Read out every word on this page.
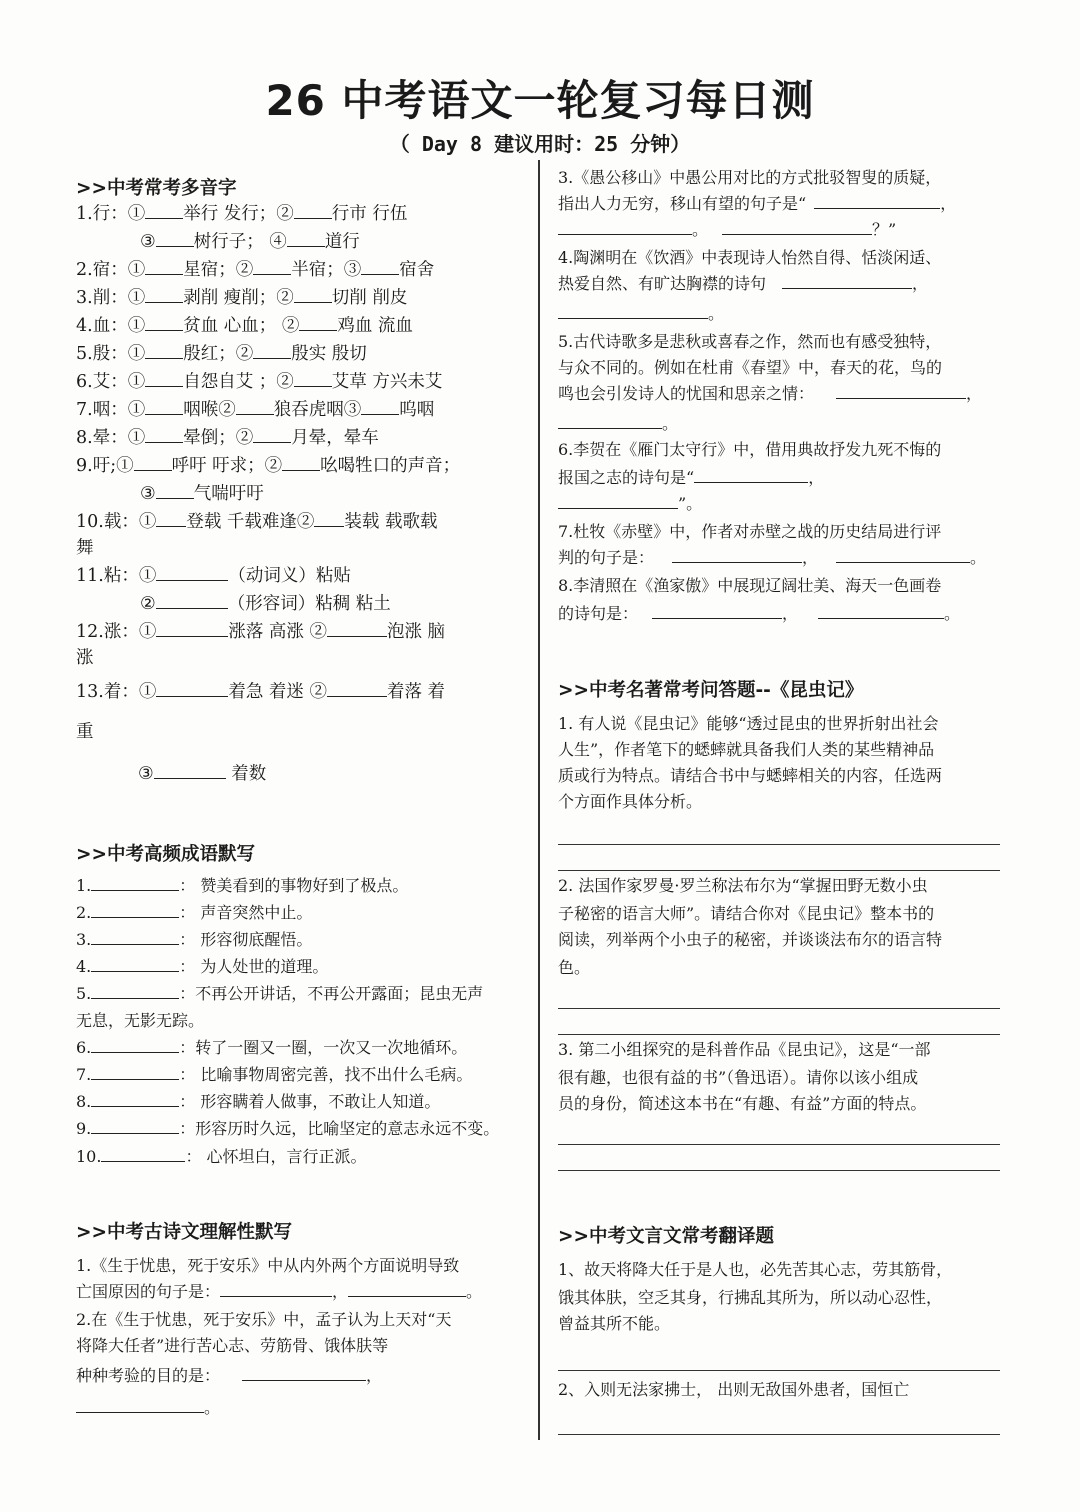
26 中考语文一轮复习每日测
（ Day 8 建议用时：25 分钟）
>>中考常考多音字
1.行：① 举行 发行；② 行市 行伍
③ 树行子； ④ 道行
2.宿：① 星宿；② 半宿；③ 宿舍
3.削：① 剥削 瘦削；② 切削 削皮
4.血：① 贫血 心血； ② 鸡血 流血
5.殷：① 殷红；② 殷实 殷切
6.艾：① 自怨自艾 ；② 艾草 方兴未艾
7.咽：① 咽喉② 狼吞虎咽③ 呜咽
8.晕：① 晕倒；② 月晕，晕车
9.吁;① 呼吁 吁求；② 吆喝牲口的声音；
③ 气喘吁吁
10.载：① 登载 千载难逢② 装载 载歌载
舞
11.粘：①	（动词义）粘贴
②	（形容词）粘稠 粘土
12.涨：①	涨落 高涨 ②	泡涨 脑
涨
13.着：①	着急 着迷 ②	着落 着
重
③	着数
>>中考高频成语默写
1.	： 赞美看到的事物好到了极点。
2.	： 声音突然中止。
3.	： 形容彻底醒悟。
4.	： 为人处世的道理。
5.	：不再公开讲话，不再公开露面；昆虫无声
无息，无影无踪。
6.	：转了一圈又一圈，一次又一次地循环。
7.	： 比喻事物周密完善，找不出什么毛病。
8.	： 形容瞒着人做事，不敢让人知道。
9.	：形容历时久远，比喻坚定的意志永远不变。
10.	： 心怀坦白，言行正派。
>>中考古诗文理解性默写
1.《生于忧患，死于安乐》中从内外两个方面说明导致
亡国原因的句子是：	，	。
2.在《生于忧患，死于安乐》中，孟子认为上天对“天
将降大任者”进行苦心志、劳筋骨、饿体肤等
种种考验的目的是：	，
。
3.《愚公移山》中愚公用对比的方式批驳智叟的质疑，
指出人力无穷，移山有望的句子是“	，
。	？”
4.陶渊明在《饮酒》中表现诗人怡然自得、恬淡闲适、
热爱自然、有旷达胸襟的诗句	，
。
5.古代诗歌多是悲秋或喜春之作，然而也有感受独特，
与众不同的。例如在杜甫《春望》中，春天的花，鸟的
鸣也会引发诗人的忧国和思亲之情：	，
。
6.李贺在《雁门太守行》中，借用典故抒发九死不悔的
报国之志的诗句是“	，
”。
7.杜牧《赤壁》中，作者对赤壁之战的历史结局进行评
判的句子是：	，	。
8.李清照在《渔家傲》中展现辽阔壮美、海天一色画卷
的诗句是：	，	。
>>中考名著常考问答题--《昆虫记》
1. 有人说《昆虫记》能够“透过昆虫的世界折射出社会
人生”，作者笔下的蟋蟀就具备我们人类的某些精神品
质或行为特点。请结合书中与蟋蟀相关的内容，任选两
个方面作具体分析。
2. 法国作家罗曼·罗兰称法布尔为“掌握田野无数小虫
子秘密的语言大师”。请结合你对《昆虫记》整本书的
阅读，列举两个小虫子的秘密，并谈谈法布尔的语言特
色。
3. 第二小组探究的是科普作品《昆虫记》，这是“一部
很有趣，也很有益的书”（鲁迅语）。请你以该小组成
员的身份，简述这本书在“有趣、有益”方面的特点。
>>中考文言文常考翻译题
1、故天将降大任于是人也，必先苦其心志，劳其筋骨，
饿其体肤，空乏其身，行拂乱其所为，所以动心忍性，
曾益其所不能。
2、入则无法家拂士， 出则无敌国外患者，国恒亡
